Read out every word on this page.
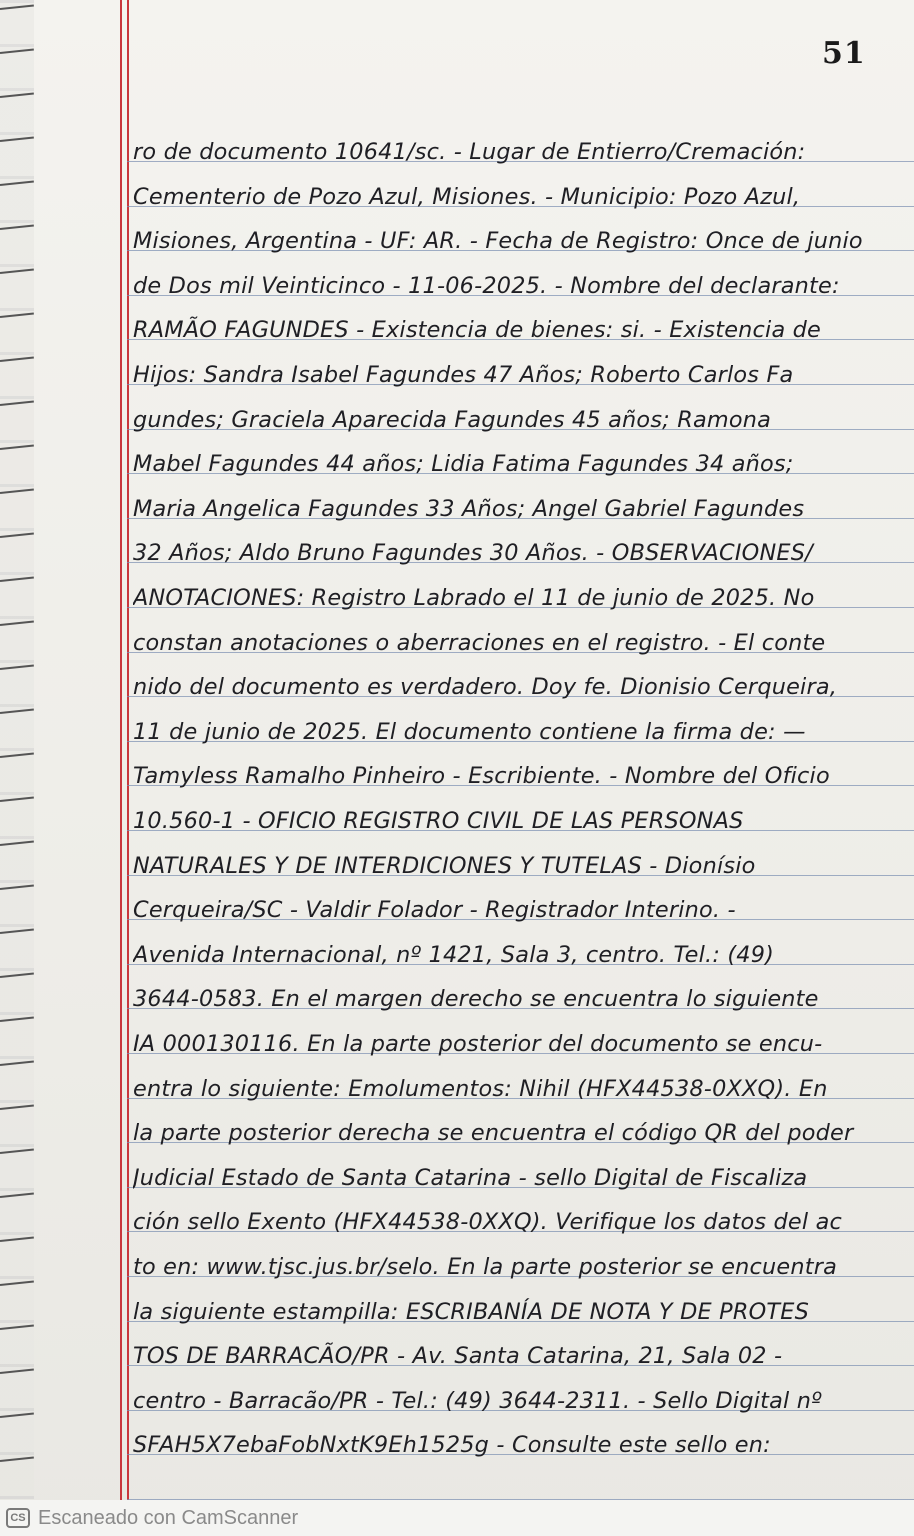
51
ro de documento 10641/sc. - Lugar de Entierro/Cremación:
Cementerio de Pozo Azul, Misiones. - Municipio: Pozo Azul,
Misiones, Argentina - UF: AR. - Fecha de Registro: Once de junio
de Dos mil Veinticinco - 11-06-2025. - Nombre del declarante:
RAMÃO FAGUNDES - Existencia de bienes: si. - Existencia de
Hijos: Sandra Isabel Fagundes 47 Años; Roberto Carlos Fa
gundes; Graciela Aparecida Fagundes 45 años; Ramona
Mabel Fagundes 44 años; Lidia Fatima Fagundes 34 años;
Maria Angelica Fagundes 33 Años; Angel Gabriel Fagundes
32 Años; Aldo Bruno Fagundes 30 Años. - OBSERVACIONES/
ANOTACIONES: Registro Labrado el 11 de junio de 2025. No
constan anotaciones o aberraciones en el registro. - El conte
nido del documento es verdadero. Doy fe. Dionisio Cerqueira,
11 de junio de 2025. El documento contiene la firma de: —
Tamyless Ramalho Pinheiro - Escribiente. - Nombre del Oficio
10.560-1 - OFICIO REGISTRO CIVIL DE LAS PERSONAS
NATURALES Y DE INTERDICIONES Y TUTELAS - Dionísio
Cerqueira/SC - Valdir Folador - Registrador Interino. -
Avenida Internacional, nº 1421, Sala 3, centro. Tel.: (49)
3644-0583. En el margen derecho se encuentra lo siguiente
IA 000130116. En la parte posterior del documento se encu-
entra lo siguiente: Emolumentos: Nihil (HFX44538-0XXQ). En
la parte posterior derecha se encuentra el código QR del poder
Judicial Estado de Santa Catarina - sello Digital de Fiscaliza
ción sello Exento (HFX44538-0XXQ). Verifique los datos del ac
to en: www.tjsc.jus.br/selo. En la parte posterior se encuentra
la siguiente estampilla: ESCRIBANÍA DE NOTA Y DE PROTES
TOS DE BARRACÃO/PR - Av. Santa Catarina, 21, Sala 02 -
centro - Barracão/PR - Tel.: (49) 3644-2311. - Sello Digital nº
SFAH5X7ebaFobNxtK9Eh1525g - Consulte este sello en:
CS Escaneado con CamScanner
